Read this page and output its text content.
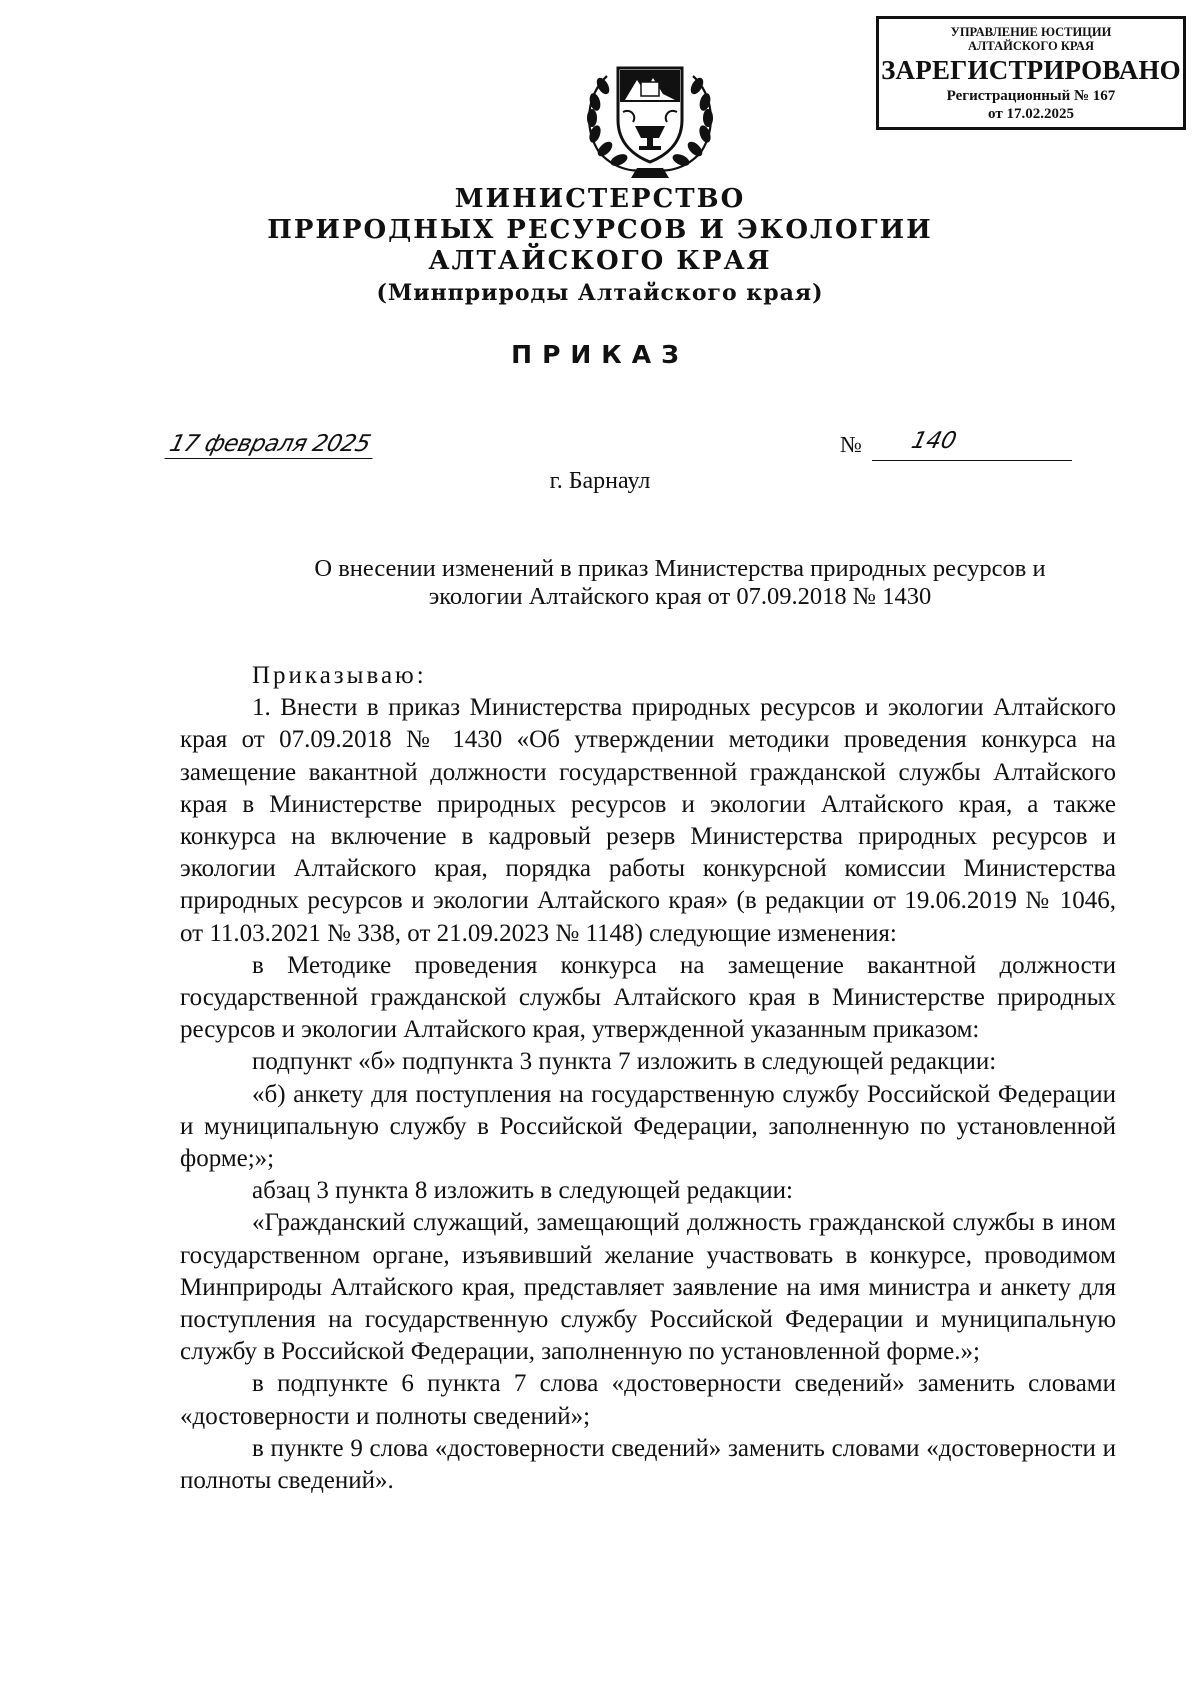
УПРАВЛЕНИЕ ЮСТИЦИИ
АЛТАЙСКОГО КРАЯ
ЗАРЕГИСТРИРОВАНО
Регистрационный № 167
от 17.02.2025
МИНИСТЕРСТВО
ПРИРОДНЫХ РЕСУРСОВ И ЭКОЛОГИИ
АЛТАЙСКОГО КРАЯ
(Минприроды Алтайского края)
ПРИКАЗ
17 февраля 2025	№ 140
г. Барнаул
О внесении изменений в приказ Министерства природных ресурсов и
экологии Алтайского края от 07.09.2018 № 1430

Приказываю:

1. Внести в приказ Министерства природных ресурсов и экологии Алтайского края от 07.09.2018 № 1430 «Об утверждении методики проведения конкурса на замещение вакантной должности государственной гражданской службы Алтайского края в Министерстве природных ресурсов и экологии Алтайского края, а также конкурса на включение в кадровый резерв Министерства природных ресурсов и экологии Алтайского края, порядка работы конкурсной комиссии Министерства природных ресурсов и экологии Алтайского края» (в редакции от 19.06.2019 № 1046, от 11.03.2021 № 338, от 21.09.2023 № 1148) следующие изменения:

в Методике проведения конкурса на замещение вакантной должности государственной гражданской службы Алтайского края в Министерстве природных ресурсов и экологии Алтайского края, утвержденной указанным приказом:

подпункт «б» подпункта 3 пункта 7 изложить в следующей редакции:

«б) анкету для поступления на государственную службу Российской Федерации и муниципальную службу в Российской Федерации, заполненную по установленной форме;»;

абзац 3 пункта 8 изложить в следующей редакции:

«Гражданский служащий, замещающий должность гражданской службы в ином государственном органе, изъявивший желание участвовать в конкурсе, проводимом Минприроды Алтайского края, представляет заявление на имя министра и анкету для поступления на государственную службу Российской Федерации и муниципальную службу в Российской Федерации, заполненную по установленной форме.»;

в подпункте 6 пункта 7 слова «достоверности сведений» заменить словами «достоверности и полноты сведений»;

в пункте 9 слова «достоверности сведений» заменить словами «достоверности и полноты сведений».
